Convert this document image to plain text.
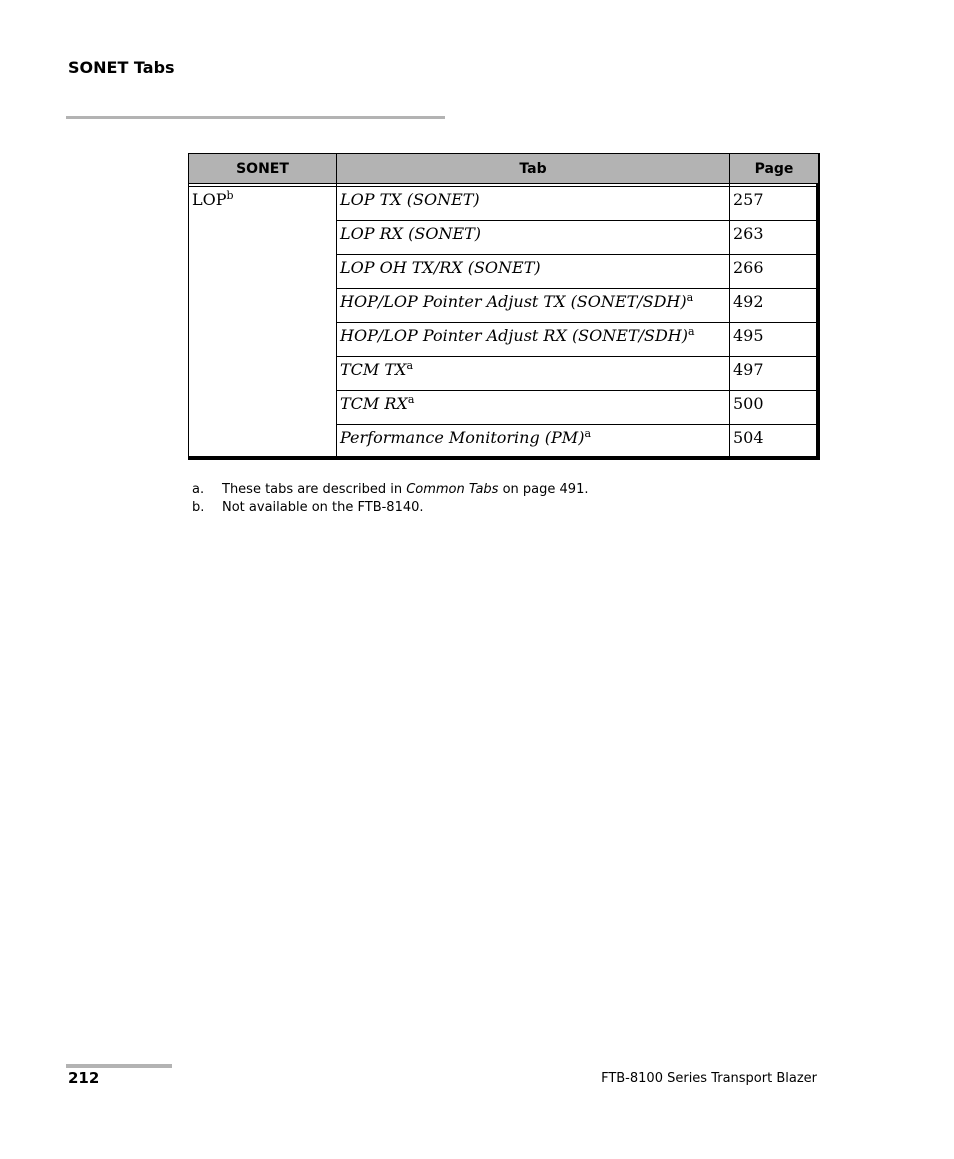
SONET Tabs
SONET	Tab	Page

LOP$^b$	LOP TX (SONET)	257
	LOP RX (SONET)	263
	LOP OH TX/RX (SONET)	266
	HOP/LOP Pointer Adjust TX (SONET/SDH)$^a$	492
	HOP/LOP Pointer Adjust RX (SONET/SDH)$^a$	495
	TCM $TX^a$	497
	TCM $RX^a$	500
	Performance Monitoring (PM)$^a$	504
a. These tabs are described in Common Tabs on page 491.
b. Not available on the FTB-8140.
212	FTB-8100 Series Transport Blazer
